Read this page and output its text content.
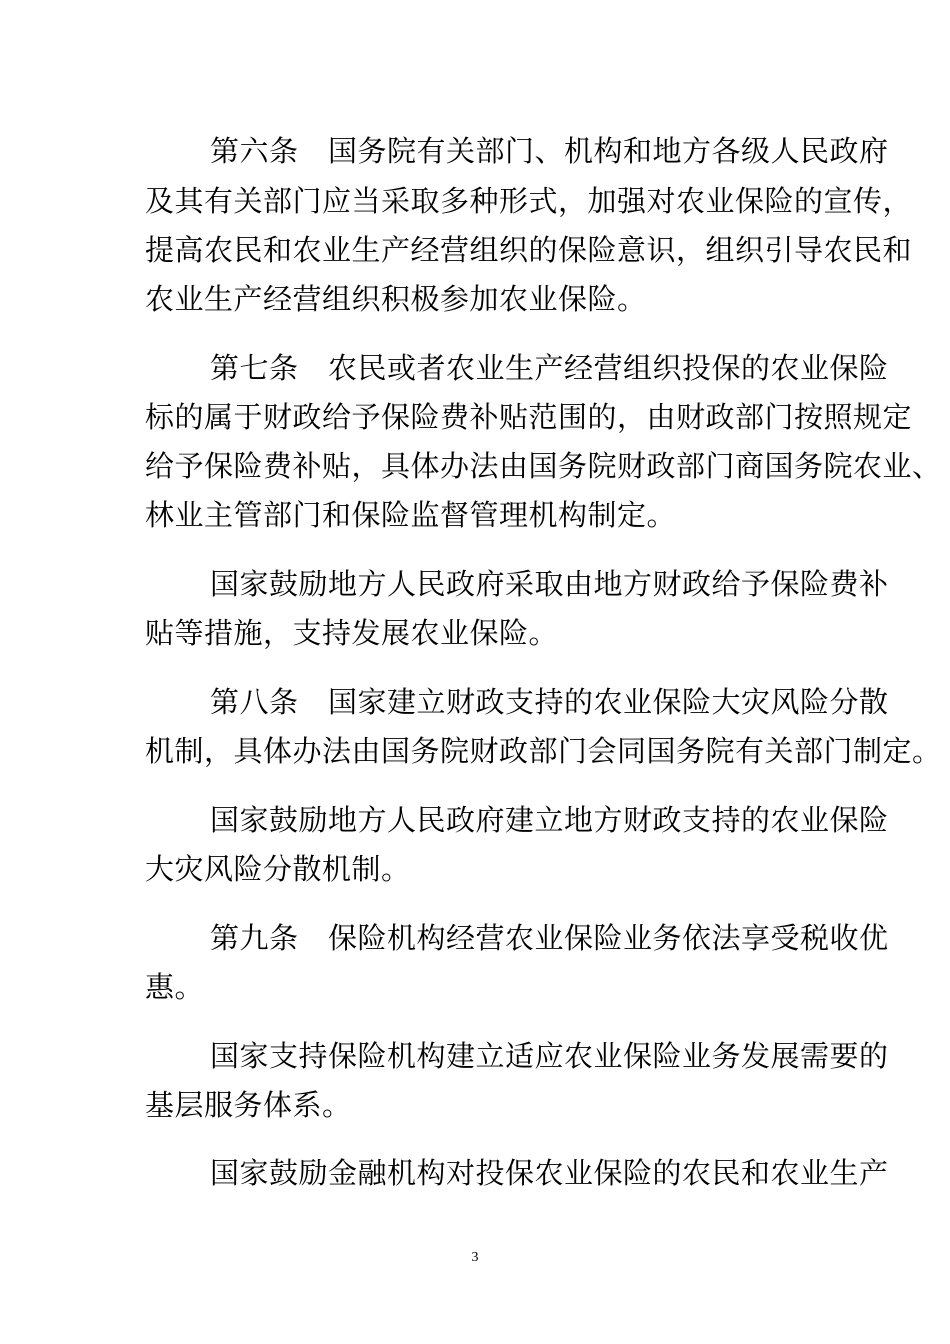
第六条　国务院有关部门、机构和地方各级人民政府
及其有关部门应当采取多种形式，加强对农业保险的宣传，
提高农民和农业生产经营组织的保险意识，组织引导农民和
农业生产经营组织积极参加农业保险。
第七条　农民或者农业生产经营组织投保的农业保险
标的属于财政给予保险费补贴范围的，由财政部门按照规定
给予保险费补贴，具体办法由国务院财政部门商国务院农业、
林业主管部门和保险监督管理机构制定。
国家鼓励地方人民政府采取由地方财政给予保险费补
贴等措施，支持发展农业保险。
第八条　国家建立财政支持的农业保险大灾风险分散
机制，具体办法由国务院财政部门会同国务院有关部门制定。
国家鼓励地方人民政府建立地方财政支持的农业保险
大灾风险分散机制。
第九条　保险机构经营农业保险业务依法享受税收优
惠。
国家支持保险机构建立适应农业保险业务发展需要的
基层服务体系。
国家鼓励金融机构对投保农业保险的农民和农业生产
3
